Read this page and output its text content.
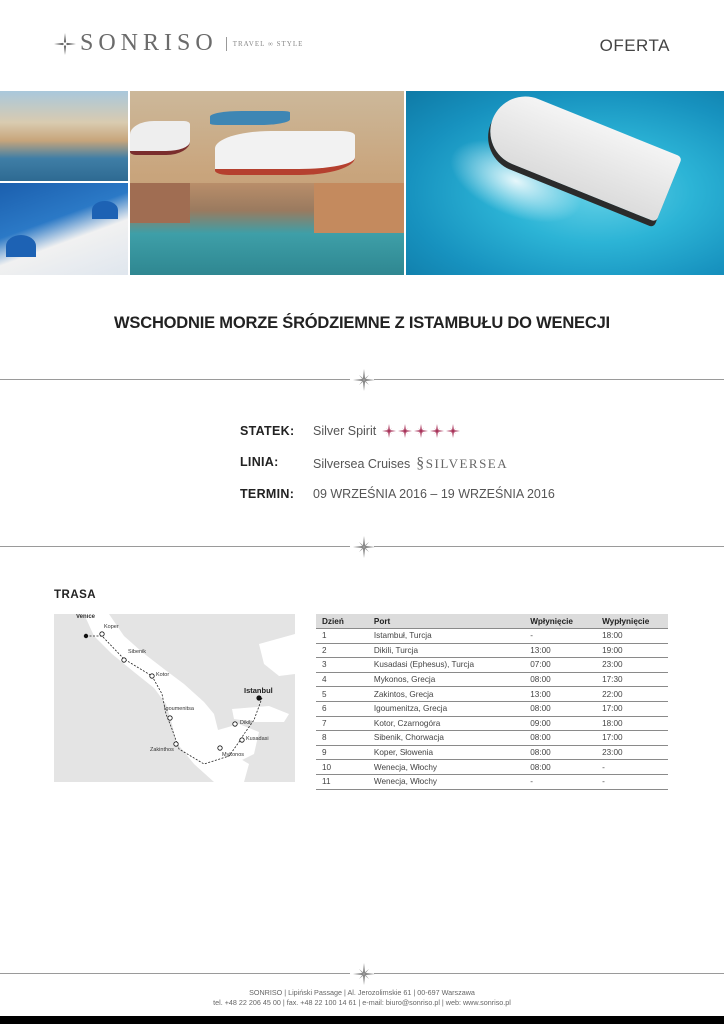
SONRISO TRAVEL ∞ STYLE	OFERTA
WSCHODNIE MORZE ŚRÓDZIEMNE Z ISTAMBUŁU DO WENECJI
STATEK: Silver Spirit
LINIA:	Silversea Cruises §SILVERSEA
TERMIN: 09 WRZEŚNIA 2016 – 19 WRZEŚNIA 2016
TRASA
Venice
Koper
Sibenik
Kotor
Igoumenitsa
Istanbul
Dikili
Kusadasi
Zakinthos
Mykonos
Dzień	Port	Wpłynięcie	Wypłynięcie
1	Istambuł, Turcja	-	18:00
2	Dikili, Turcja	13:00	19:00
3	Kusadasi (Ephesus), Turcja	07:00	23:00
4	Mykonos, Grecja	08:00	17:30
5	Zakintos, Grecja	13:00	22:00
6	Igoumenitza, Grecja	08:00	17:00
7	Kotor, Czarnogóra	09:00	18:00
8	Sibenik, Chorwacja	08:00	17:00
9	Koper, Słowenia	08:00	23:00
10	Wenecja, Włochy	08:00	-
11	Wenecja, Włochy	-	-
SONRISO | Lipiński Passage | Al. Jerozolimskie 61 | 00-697 Warszawa
tel. +48 22 206 45 00 | fax. +48 22 100 14 61 | e-mail: biuro@sonriso.pl | web: www.sonriso.pl
